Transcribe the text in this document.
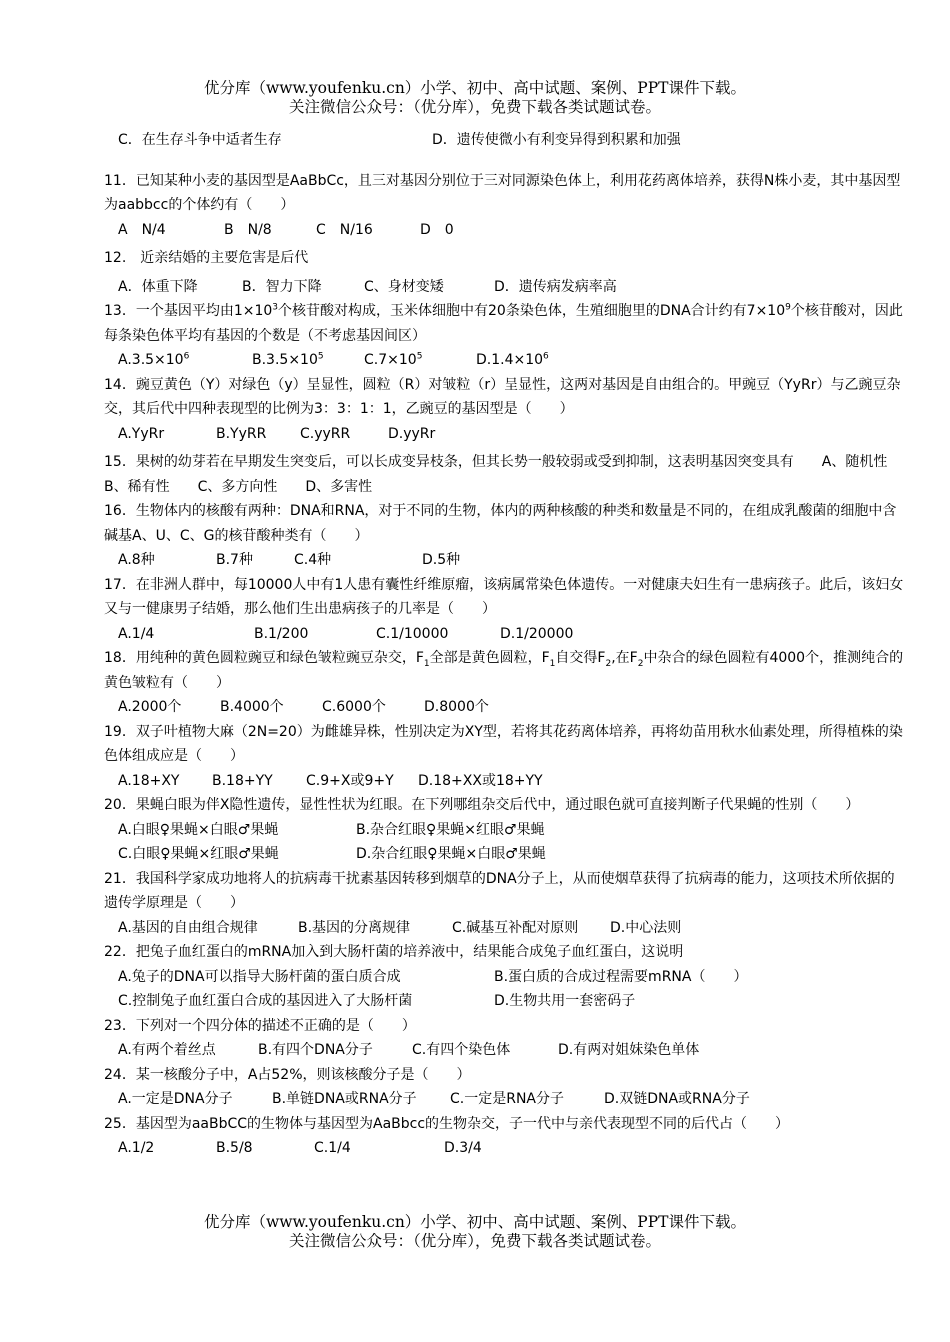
优分库（www.youfenku.cn）小学、初中、高中试题、案例、PPT课件下载。
关注微信公众号：（优分库），免费下载各类试题试卷。
C．在生存斗争中适者生存	D．遗传使微小有利变异得到积累和加强
11．已知某种小麦的基因型是AaBbCc，且三对基因分别位于三对同源染色体上，利用花药离体培养，获得N株小麦，其中基因型为aabbcc的个体约有（　　）
A　N/4	B　N/8	C　N/16	D　0
12.　近亲结婚的主要危害是后代
A．体重下降	B．智力下降	C、身材变矮	D．遗传病发病率高
13．一个基因平均由$1\times 10^3$个核苷酸对构成，玉米体细胞中有20条染色体，生殖细胞里的DNA合计约有$7\times 10^9$个核苷酸对，因此每条染色体平均有基因的个数是（不考虑基因间区）
$A.3.5\times 10^6$	$B.3.5\times 10^5$	$C.7\times 10^5$	$D.1.4\times 10^6$
14．豌豆黄色（Y）对绿色（y）呈显性，圆粒（R）对皱粒（r）呈显性，这两对基因是自由组合的。甲豌豆（YyRr）与乙豌豆杂交，其后代中四种表现型的比例为3：3：1：1，乙豌豆的基因型是（　　）
A.YyRr	B.YyRR	C.yyRR	D.yyRr
15．果树的幼芽若在早期发生突变后，可以长成变异枝条，但其长势一般较弱或受到抑制，这表明基因突变具有　　A、随机性　　B、稀有性　　C、多方向性　　D、多害性
16．生物体内的核酸有两种：DNA和RNA，对于不同的生物，体内的两种核酸的种类和数量是不同的，在组成乳酸菌的细胞中含碱基A、U、C、G的核苷酸种类有（　　）
A.8种	B.7种	C.4种	D.5种
17．在非洲人群中，每10000人中有1人患有囊性纤维原瘤，该病属常染色体遗传。一对健康夫妇生有一患病孩子。此后，该妇女又与一健康男子结婚，那么他们生出患病孩子的几率是（　　）
A.1/4	B.1/200	C.1/10000	D.1/20000
18．用纯种的黄色圆粒豌豆和绿色皱粒豌豆杂交，$F_1$全部是黄色圆粒，$F_1$自交得$F_2$,在$F_2$中杂合的绿色圆粒有4000个，推测纯合的黄色皱粒有（　　）
A.2000个	B.4000个	C.6000个	D.8000个
19．双子叶植物大麻（2N=20）为雌雄异株，性别决定为XY型，若将其花药离体培养，再将幼苗用秋水仙素处理，所得植株的染色体组成应是（　　）
A.18+XY	B.18+YY	C.9+X或9+Y	D.18+XX或18+YY
20．果蝇白眼为伴X隐性遗传，显性性状为红眼。在下列哪组杂交后代中，通过眼色就可直接判断子代果蝇的性别（　　）
A.白眼♀果蝇×白眼♂果蝇	B.杂合红眼♀果蝇×红眼♂果蝇
C.白眼♀果蝇×红眼♂果蝇	D.杂合红眼♀果蝇×白眼♂果蝇
21．我国科学家成功地将人的抗病毒干扰素基因转移到烟草的DNA分子上，从而使烟草获得了抗病毒的能力，这项技术所依据的遗传学原理是（　　）
A.基因的自由组合规律	B.基因的分离规律	C.碱基互补配对原则	D.中心法则
22．把兔子血红蛋白的mRNA加入到大肠杆菌的培养液中，结果能合成兔子血红蛋白，这说明
A.兔子的DNA可以指导大肠杆菌的蛋白质合成	B.蛋白质的合成过程需要mRNA（　　）
C.控制兔子血红蛋白合成的基因进入了大肠杆菌	D.生物共用一套密码子
23．下列对一个四分体的描述不正确的是（　　）
A.有两个着丝点	B.有四个DNA分子	C.有四个染色体	D.有两对姐妹染色单体
24．某一核酸分子中，A占52%，则该核酸分子是（　　）
A.一定是DNA分子	B.单链DNA或RNA分子	C.一定是RNA分子	D.双链DNA或RNA分子
25．基因型为aaBbCC的生物体与基因型为AaBbcc的生物杂交，子一代中与亲代表现型不同的后代占（　　）
A.1/2	B.5/8	C.1/4	D.3/4
优分库（www.youfenku.cn）小学、初中、高中试题、案例、PPT课件下载。
关注微信公众号：（优分库），免费下载各类试题试卷。
